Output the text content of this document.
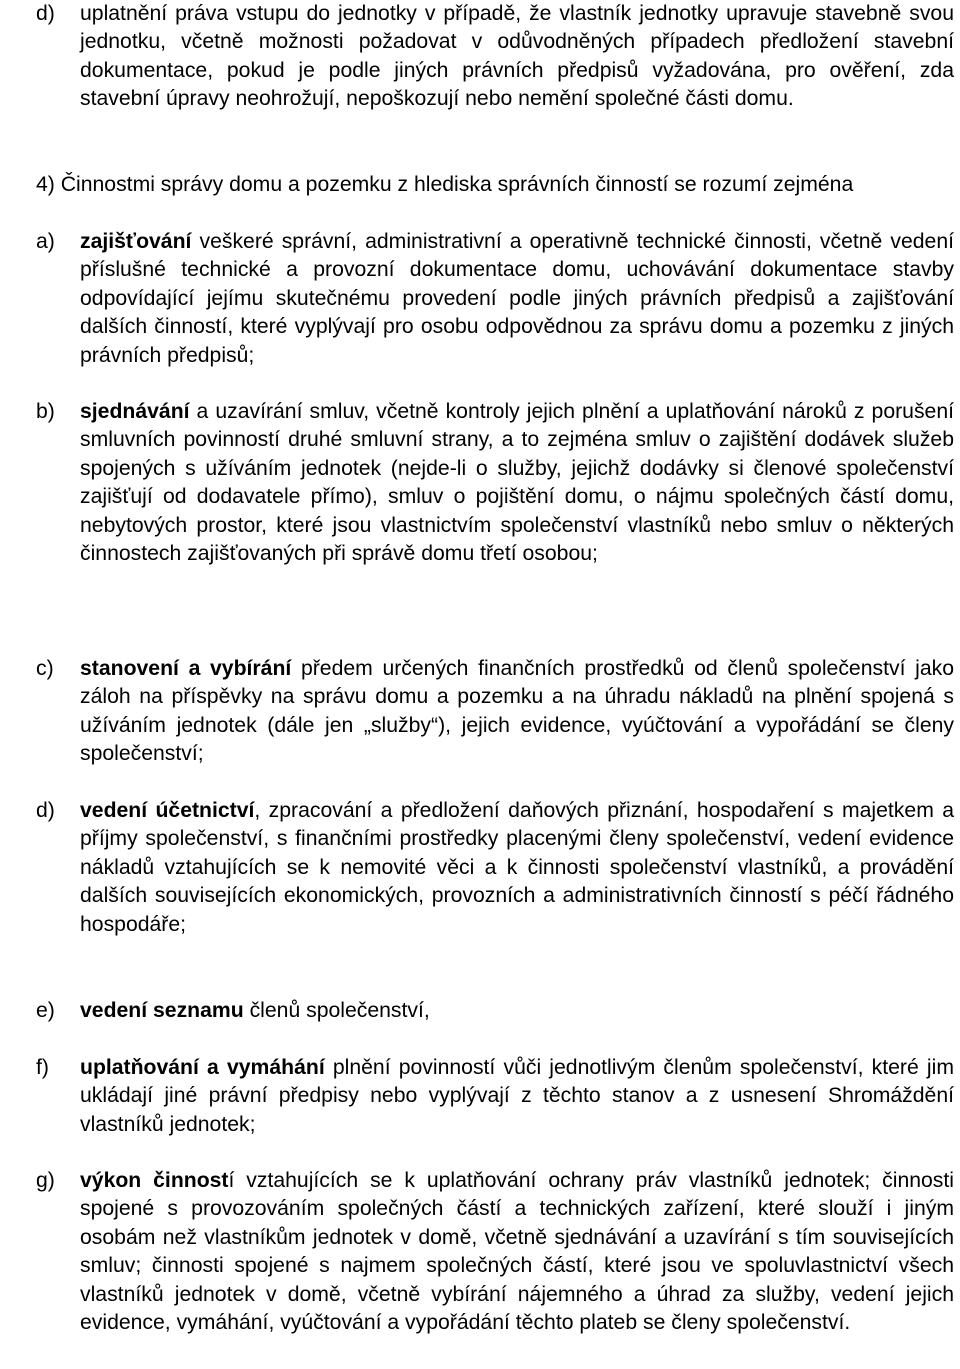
d) uplatnění práva vstupu do jednotky v případě, že vlastník jednotky upravuje stavebně svou jednotku, včetně možnosti požadovat v odůvodněných případech předložení stavební dokumentace, pokud je podle jiných právních předpisů vyžadována, pro ověření, zda stavební úpravy neohrožují, nepoškozují nebo nemění společné části domu.
4) Činnostmi správy domu a pozemku z hlediska správních činností se rozumí zejména
a) zajišťování veškeré správní, administrativní a operativně technické činnosti, včetně vedení příslušné technické a provozní dokumentace domu, uchovávání dokumentace stavby odpovídající jejímu skutečnému provedení podle jiných právních předpisů a zajišťování dalších činností, které vyplývají pro osobu odpovědnou za správu domu a pozemku z jiných právních předpisů;
b) sjednávání a uzavírání smluv, včetně kontroly jejich plnění a uplatňování nároků z porušení smluvních povinností druhé smluvní strany, a to zejména smluv o zajištění dodávek služeb spojených s užíváním jednotek (nejde-li o služby, jejichž dodávky si členové společenství zajišťují od dodavatele přímo), smluv o pojištění domu, o nájmu společných částí domu, nebytových prostor, které jsou vlastnictvím společenství vlastníků nebo smluv o některých činnostech zajišťovaných při správě domu třetí osobou;
c) stanovení a vybírání předem určených finančních prostředků od členů společenství jako záloh na příspěvky na správu domu a pozemku a na úhradu nákladů na plnění spojená s užíváním jednotek (dále jen „služby“), jejich evidence, vyúčtování a vypořádání se členy společenství;
d) vedení účetnictví, zpracování a předložení daňových přiznání, hospodaření s majetkem a příjmy společenství, s finančními prostředky placenými členy společenství, vedení evidence nákladů vztahujících se k nemovité věci a k činnosti společenství vlastníků, a provádění dalších souvisejících ekonomických, provozních a administrativních činností s péčí řádného hospodáře;
e) vedení seznamu členů společenství,
f) uplatňování a vymáhání plnění povinností vůči jednotlivým členům společenství, které jim ukládají jiné právní předpisy nebo vyplývají z těchto stanov a z usnesení Shromáždění vlastníků jednotek;
g) výkon činností vztahujících se k uplatňování ochrany práv vlastníků jednotek; činnosti spojené s provozováním společných částí a technických zařízení, které slouží i jiným osobám než vlastníkům jednotek v domě, včetně sjednávání a uzavírání s tím souvisejících smluv; činnosti spojené s najmem společných částí, které jsou ve spoluvlastnictví všech vlastníků jednotek v domě, včetně vybírání nájemného a úhrad za služby, vedení jejich evidence, vymáhání, vyúčtování a vypořádání těchto plateb se členy společenství.
